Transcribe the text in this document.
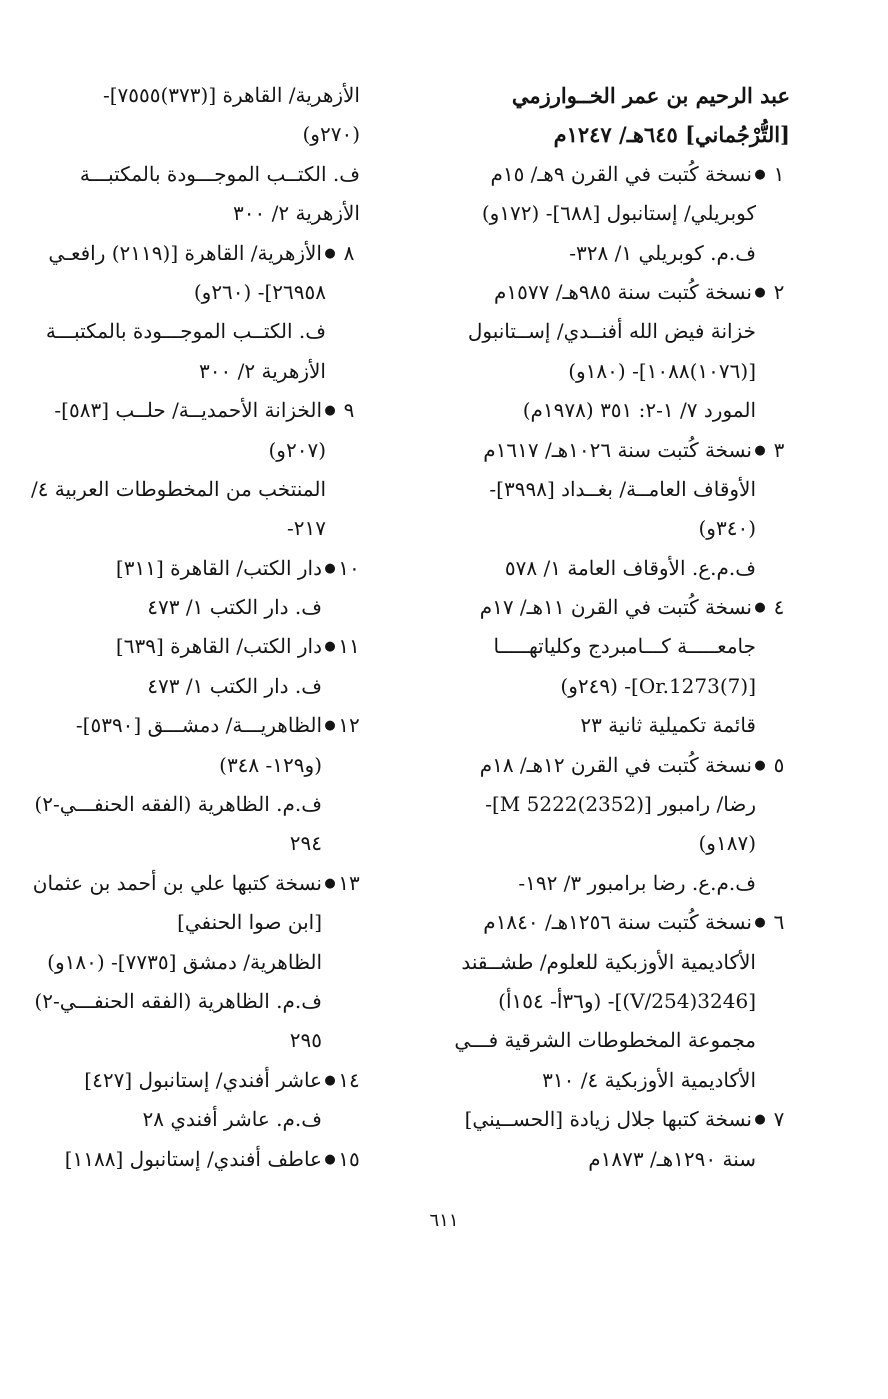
عبد الرحيم بن عمر الخــوارزمي
[التُّرْجُماني] ٦٤٥هـ/ ١٢٤٧م
١
●
نسخة كُتبت في القرن ٩هـ/ ١٥م
كوبريلي/ إستانبول [٦٨٨]- (١٧٢و)
ف.م. كوبريلي ١/ ٣٢٨-
٢
●
نسخة كُتبت سنة ٩٨٥هـ/ ١٥٧٧م
خزانة فيض الله أفنــدي/ إســتانبول
[(١٠٧٦)١٠٨٨]- (١٨٠و)
المورد ٧/ ١-٢: ٣٥١ (١٩٧٨م)
٣
●
نسخة كُتبت سنة ١٠٢٦هـ/ ١٦١٧م
الأوقاف العامــة/ بغــداد [٣٩٩٨]-
(٣٤٠و)
ف.م.ع. الأوقاف العامة ١/ ٥٧٨
٤
●
نسخة كُتبت في القرن ١١هـ/ ١٧م
جامعـــــة كـــامبردج وكلياتهـــــا
[Or.1273(7)]- (٢٤٩و)
قائمة تكميلية ثانية ٢٣
٥
●
نسخة كُتبت في القرن ١٢هـ/ ١٨م
رضا/ رامبور [M 5222(2352)]-
(١٨٧و)
ف.م.ع. رضا برامبور ٣/ ١٩٢-
٦
●
نسخة كُتبت سنة ١٢٥٦هـ/ ١٨٤٠م
الأكاديمية الأوزبكية للعلوم/ طشــقند
[3246(254/V)]- (و٣٦أ- ١٥٤أ)
مجموعة المخطوطات الشرقية فـــي
الأكاديمية الأوزبكية ٤/ ٣١٠
٧
●
نسخة كتبها جلال زيادة [الحســيني]
سنة ١٢٩٠هـ/ ١٨٧٣م
الأزهرية/ القاهرة [(٣٧٣)٧٥٥٥]-
(٢٧٠و)
ف. الكتــب الموجـــودة بالمكتبـــة
الأزهرية ٢/ ٣٠٠
٨
●
الأزهرية/ القاهرة [(٢١١٩) رافعـي
٢٦٩٥٨]- (٢٦٠و)
ف. الكتــب الموجـــودة بالمكتبـــة
الأزهرية ٢/ ٣٠٠
٩
●
الخزانة الأحمديــة/ حلــب [٥٨٣]-
(٢٠٧و)
المنتخب من المخطوطات العربية ٤/
٢١٧-
١٠
●
دار الكتب/ القاهرة [٣١١]
ف. دار الكتب ١/ ٤٧٣
١١
●
دار الكتب/ القاهرة [٦٣٩]
ف. دار الكتب ١/ ٤٧٣
١٢
●
الظاهريـــة/ دمشـــق [٥٣٩٠]-
(و١٢٩- ٣٤٨)
ف.م. الظاهرية (الفقه الحنفـــي-٢)
٢٩٤
١٣
●
نسخة كتبها علي بن أحمد بن عثمان
[ابن صوا الحنفي]
الظاهرية/ دمشق [٧٧٣٥]- (١٨٠و)
ف.م. الظاهرية (الفقه الحنفـــي-٢)
٢٩٥
١٤
●
عاشر أفندي/ إستانبول [٤٢٧]
ف.م. عاشر أفندي ٢٨
١٥
●
عاطف أفندي/ إستانبول [١١٨٨]
٦١١
